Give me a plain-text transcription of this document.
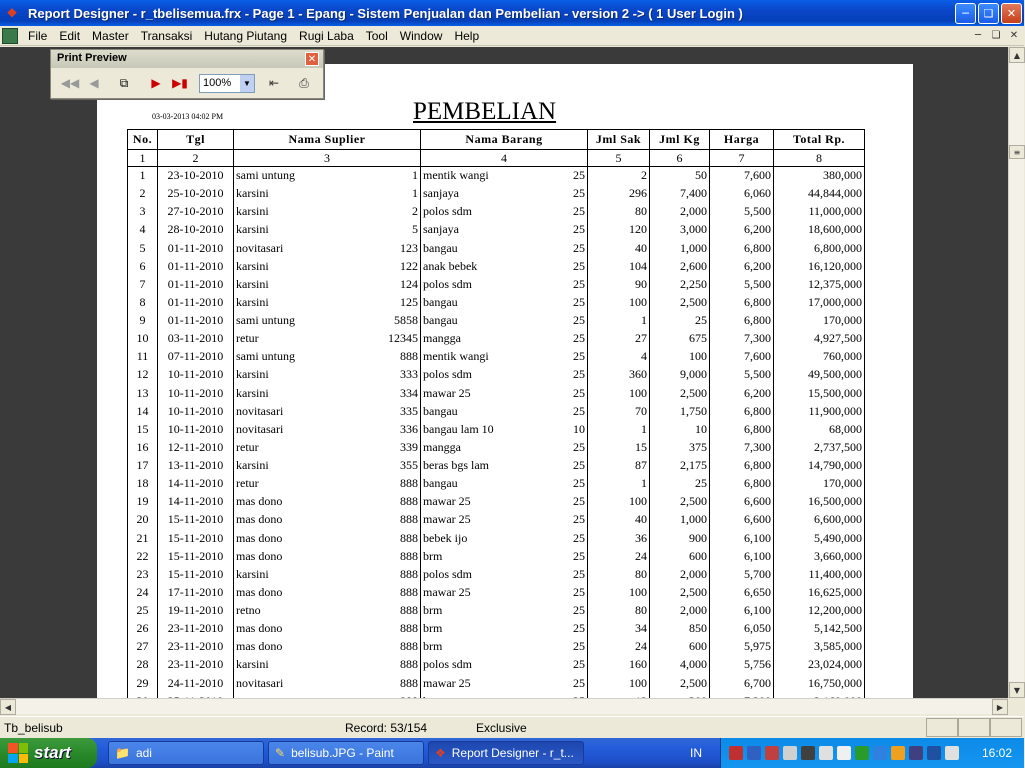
❖ Report Designer - r_tbelisemua.frx - Page 1 - Epang - Sistem Penjualan dan Pembelian - version 2 -> ( 1 User Login )	─	❏	✕
File	Edit	Master	Transaksi	Hutang Piutang	Rugi Laba	Tool	Window	Help	─	❏ ✕
03-03-2013 04:02 PM	PEMBELIAN
No.	Tgl	Nama Suplier		Nama Barang		Jml Sak	Jml Kg	Harga	Total Rp.
1	2	3		4		5	6	7	8
1	23-10-2010	sami untung	1	mentik wangi	25	2	50	7,600	380,000
2	25-10-2010	karsini	1	sanjaya	25	296	7,400	6,060	44,844,000
3	27-10-2010	karsini	2	polos sdm	25	80	2,000	5,500	11,000,000
4	28-10-2010	karsini	5	sanjaya	25	120	3,000	6,200	18,600,000
5	01-11-2010	novitasari	123	bangau	25	40	1,000	6,800	6,800,000
6	01-11-2010	karsini	122	anak bebek	25	104	2,600	6,200	16,120,000
7	01-11-2010	karsini	124	polos sdm	25	90	2,250	5,500	12,375,000
8	01-11-2010	karsini	125	bangau	25	100	2,500	6,800	17,000,000
9	01-11-2010	sami untung	5858	bangau	25	1	25	6,800	170,000
10	03-11-2010	retur	12345	mangga	25	27	675	7,300	4,927,500
11	07-11-2010	sami untung	888	mentik wangi	25	4	100	7,600	760,000
12	10-11-2010	karsini	333	polos sdm	25	360	9,000	5,500	49,500,000
13	10-11-2010	karsini	334	mawar 25	25	100	2,500	6,200	15,500,000
14	10-11-2010	novitasari	335	bangau	25	70	1,750	6,800	11,900,000
15	10-11-2010	novitasari	336	bangau lam 10	10	1	10	6,800	68,000
16	12-11-2010	retur	339	mangga	25	15	375	7,300	2,737,500
17	13-11-2010	karsini	355	beras bgs lam	25	87	2,175	6,800	14,790,000
18	14-11-2010	retur	888	bangau	25	1	25	6,800	170,000
19	14-11-2010	mas dono	888	mawar 25	25	100	2,500	6,600	16,500,000
20	15-11-2010	mas dono	888	mawar 25	25	40	1,000	6,600	6,600,000
21	15-11-2010	mas dono	888	bebek ijo	25	36	900	6,100	5,490,000
22	15-11-2010	mas dono	888	brm	25	24	600	6,100	3,660,000
23	15-11-2010	karsini	888	polos sdm	25	80	2,000	5,700	11,400,000
24	17-11-2010	mas dono	888	mawar 25	25	100	2,500	6,650	16,625,000
25	19-11-2010	retno	888	brm	25	80	2,000	6,100	12,200,000
26	23-11-2010	mas dono	888	brm	25	34	850	6,050	5,142,500
27	23-11-2010	mas dono	888	brm	25	24	600	5,975	3,585,000
28	23-11-2010	karsini	888	polos sdm	25	160	4,000	5,756	23,024,000
29	24-11-2010	novitasari	888	mawar 25	25	100	2,500	6,700	16,750,000

▲
≡
▼
◀	▶
Print Preview	✕
◀◀ ◀	⧉	▶ ▶▮	100%	▼	⇤	⎙
Tb_belisub	Record: 53/154	Exclusive
start	📁 adi	✎ belisub.JPG - Paint	❖ Report Designer - r_t...	IN	16:02
